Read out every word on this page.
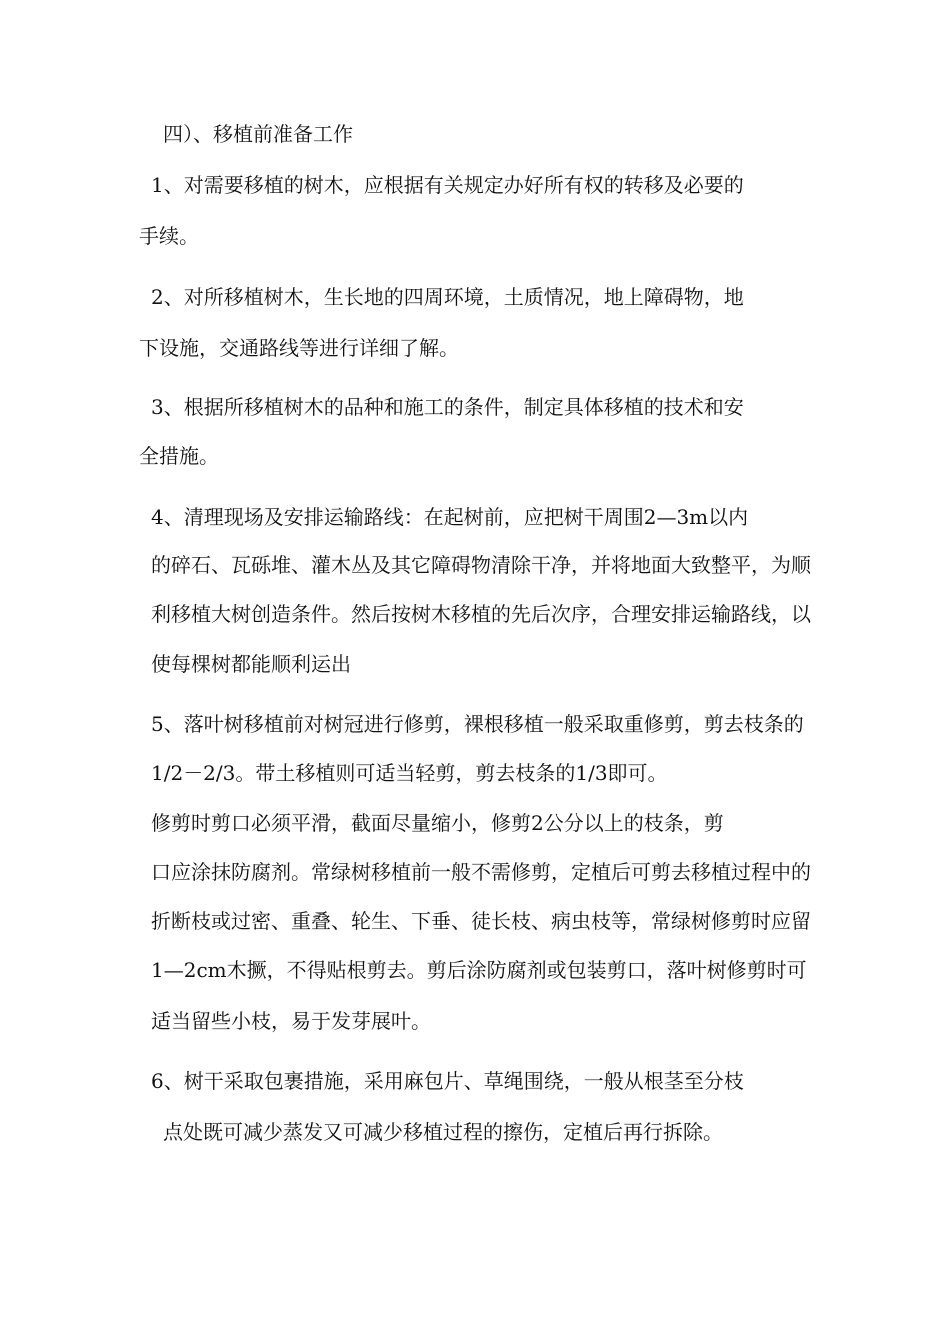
四）、移植前准备工作
1、对需要移植的树木，应根据有关规定办好所有权的转移及必要的
手续。
2、对所移植树木，生长地的四周环境，土质情况，地上障碍物，地
下设施，交通路线等进行详细了解。
3、根据所移植树木的品种和施工的条件，制定具体移植的技术和安
全措施。
4、清理现场及安排运输路线：在起树前，应把树干周围2—3m以内
的碎石、瓦砾堆、灌木丛及其它障碍物清除干净，并将地面大致整平，为顺
利移植大树创造条件。然后按树木移植的先后次序，合理安排运输路线，以
使每棵树都能顺利运出
5、落叶树移植前对树冠进行修剪，裸根移植一般采取重修剪，剪去枝条的
1/2－2/3。带土移植则可适当轻剪，剪去枝条的1/3即可。
修剪时剪口必须平滑，截面尽量缩小，修剪2公分以上的枝条，剪
口应涂抹防腐剂。常绿树移植前一般不需修剪，定植后可剪去移植过程中的
折断枝或过密、重叠、轮生、下垂、徒长枝、病虫枝等，常绿树修剪时应留
1—2cm木撅，不得贴根剪去。剪后涂防腐剂或包装剪口，落叶树修剪时可
适当留些小枝，易于发芽展叶。
6、树干采取包裹措施，采用麻包片、草绳围绕，一般从根茎至分枝
点处既可减少蒸发又可减少移植过程的擦伤，定植后再行拆除。
